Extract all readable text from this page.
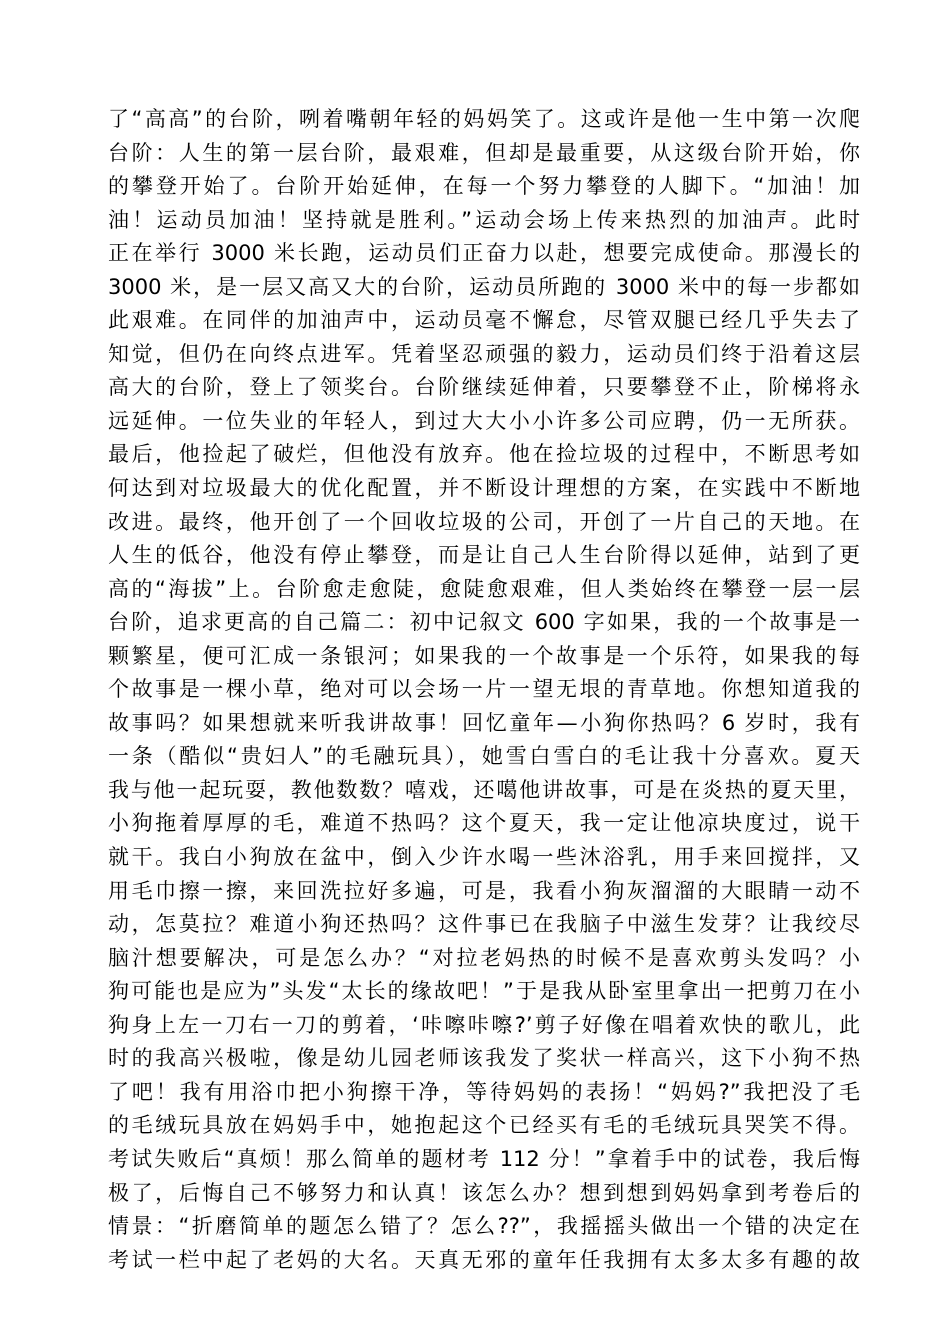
了“高高”的台阶，咧着嘴朝年轻的妈妈笑了。这或许是他一生中第一次爬
台阶：人生的第一层台阶，最艰难，但却是最重要，从这级台阶开始，你
的攀登开始了。台阶开始延伸，在每一个努力攀登的人脚下。“加油！加
油！运动员加油！坚持就是胜利。”运动会场上传来热烈的加油声。此时
正在举行 3000 米长跑，运动员们正奋力以赴，想要完成使命。那漫长的
3000 米，是一层又高又大的台阶，运动员所跑的 3000 米中的每一步都如
此艰难。在同伴的加油声中，运动员毫不懈怠，尽管双腿已经几乎失去了
知觉，但仍在向终点进军。凭着坚忍顽强的毅力，运动员们终于沿着这层
高大的台阶，登上了领奖台。台阶继续延伸着，只要攀登不止，阶梯将永
远延伸。一位失业的年轻人，到过大大小小许多公司应聘，仍一无所获。
最后，他捡起了破烂，但他没有放弃。他在捡垃圾的过程中，不断思考如
何达到对垃圾最大的优化配置，并不断设计理想的方案，在实践中不断地
改进。最终，他开创了一个回收垃圾的公司，开创了一片自己的天地。在
人生的低谷，他没有停止攀登，而是让自己人生台阶得以延伸，站到了更
高的“海拔”上。台阶愈走愈陡，愈陡愈艰难，但人类始终在攀登一层一层
台阶，追求更高的自己篇二：初中记叙文 600 字如果，我的一个故事是一
颗繁星，便可汇成一条银河；如果我的一个故事是一个乐符，如果我的每
个故事是一棵小草，绝对可以会场一片一望无垠的青草地。你想知道我的
故事吗？如果想就来听我讲故事！回忆童年—小狗你热吗？6 岁时，我有
一条（酷似“贵妇人”的毛融玩具），她雪白雪白的毛让我十分喜欢。夏天
我与他一起玩耍，教他数数？嘻戏，还噶他讲故事，可是在炎热的夏天里，
小狗拖着厚厚的毛，难道不热吗？这个夏天，我一定让他凉块度过，说干
就干。我白小狗放在盆中，倒入少许水喝一些沐浴乳，用手来回搅拌，又
用毛巾擦一擦，来回洗拉好多遍，可是，我看小狗灰溜溜的大眼睛一动不
动，怎莫拉？难道小狗还热吗？这件事已在我脑子中滋生发芽？让我绞尽
脑汁想要解决，可是怎么办？“对拉老妈热的时候不是喜欢剪头发吗？小
狗可能也是应为”头发“太长的缘故吧！”于是我从卧室里拿出一把剪刀在小
狗身上左一刀右一刀的剪着，‘咔嚓咔嚓?’剪子好像在唱着欢快的歌儿，此
时的我高兴极啦，像是幼儿园老师该我发了奖状一样高兴，这下小狗不热
了吧！我有用浴巾把小狗擦干净，等待妈妈的表扬！“妈妈?”我把没了毛
的毛绒玩具放在妈妈手中，她抱起这个已经买有毛的毛绒玩具哭笑不得。
考试失败后“真烦！那么简单的题材考 112 分！”拿着手中的试卷，我后悔
极了，后悔自己不够努力和认真！该怎么办？想到想到妈妈拿到考卷后的
情景：“折磨简单的题怎么错了？怎么??”，我摇摇头做出一个错的决定在
考试一栏中起了老妈的大名。天真无邪的童年任我拥有太多太多有趣的故
